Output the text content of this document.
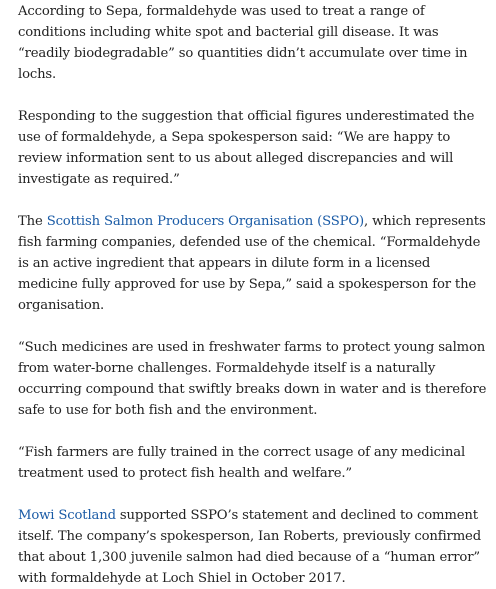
According to Sepa, formaldehyde was used to treat a range of conditions including white spot and bacterial gill disease. It was “readily biodegradable” so quantities didn’t accumulate over time in lochs.

Responding to the suggestion that official figures underestimated the use of formaldehyde, a Sepa spokesperson said: “We are happy to review information sent to us about alleged discrepancies and will investigate as required.”

The Scottish Salmon Producers Organisation (SSPO), which represents fish farming companies, defended use of the chemical. “Formaldehyde is an active ingredient that appears in dilute form in a licensed medicine fully approved for use by Sepa,” said a spokesperson for the organisation.

“Such medicines are used in freshwater farms to protect young salmon from water-borne challenges. Formaldehyde itself is a naturally occurring compound that swiftly breaks down in water and is therefore safe to use for both fish and the environment.

“Fish farmers are fully trained in the correct usage of any medicinal treatment used to protect fish health and welfare.”

Mowi Scotland supported SSPO’s statement and declined to comment itself. The company’s spokesperson, Ian Roberts, previously confirmed that about 1,300 juvenile salmon had died because of a “human error” with formaldehyde at Loch Shiel in October 2017.
